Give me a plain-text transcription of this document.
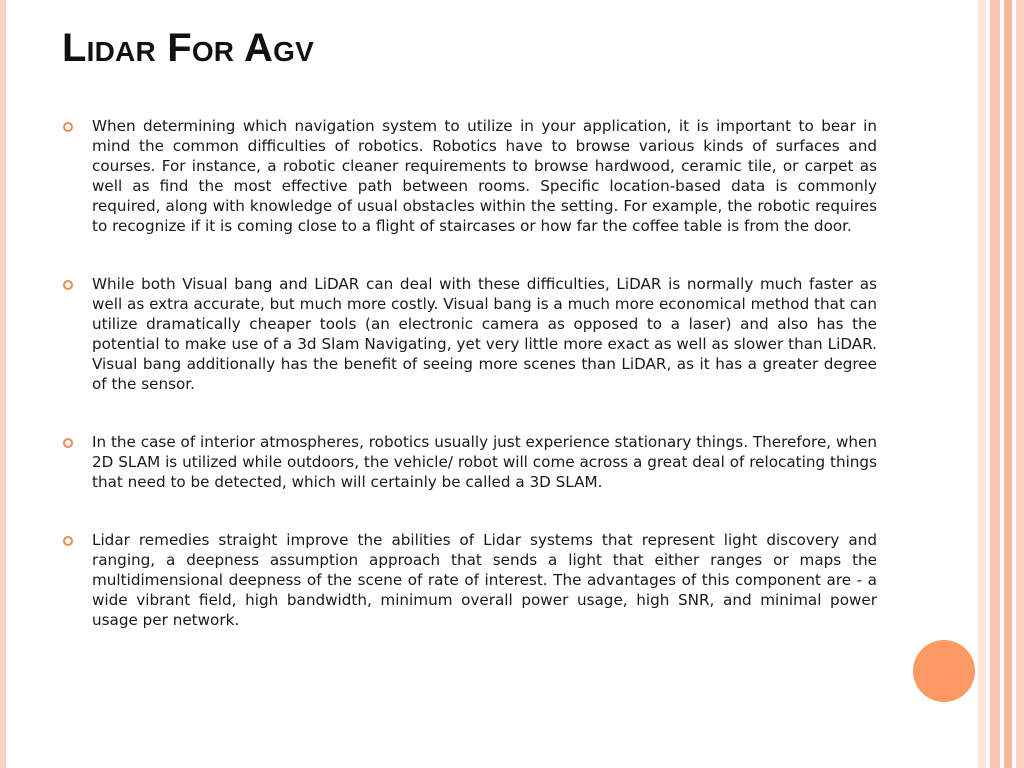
Lidar For Agv
When determining which navigation system to utilize in your application, it is important to bear in mind the common difficulties of robotics. Robotics have to browse various kinds of surfaces and courses. For instance, a robotic cleaner requirements to browse hardwood, ceramic tile, or carpet as well as find the most effective path between rooms. Specific location-based data is commonly required, along with knowledge of usual obstacles within the setting. For example, the robotic requires to recognize if it is coming close to a flight of staircases or how far the coffee table is from the door.
While both Visual bang and LiDAR can deal with these difficulties, LiDAR is normally much faster as well as extra accurate, but much more costly. Visual bang is a much more economical method that can utilize dramatically cheaper tools (an electronic camera as opposed to a laser) and also has the potential to make use of a 3d Slam Navigating, yet very little more exact as well as slower than LiDAR. Visual bang additionally has the benefit of seeing more scenes than LiDAR, as it has a greater degree of the sensor.
In the case of interior atmospheres, robotics usually just experience stationary things. Therefore, when 2D SLAM is utilized while outdoors, the vehicle/ robot will come across a great deal of relocating things that need to be detected, which will certainly be called a 3D SLAM.
Lidar remedies straight improve the abilities of Lidar systems that represent light discovery and ranging, a deepness assumption approach that sends a light that either ranges or maps the multidimensional deepness of the scene of rate of interest. The advantages of this component are - a wide vibrant field, high bandwidth, minimum overall power usage, high SNR, and minimal power usage per network.
